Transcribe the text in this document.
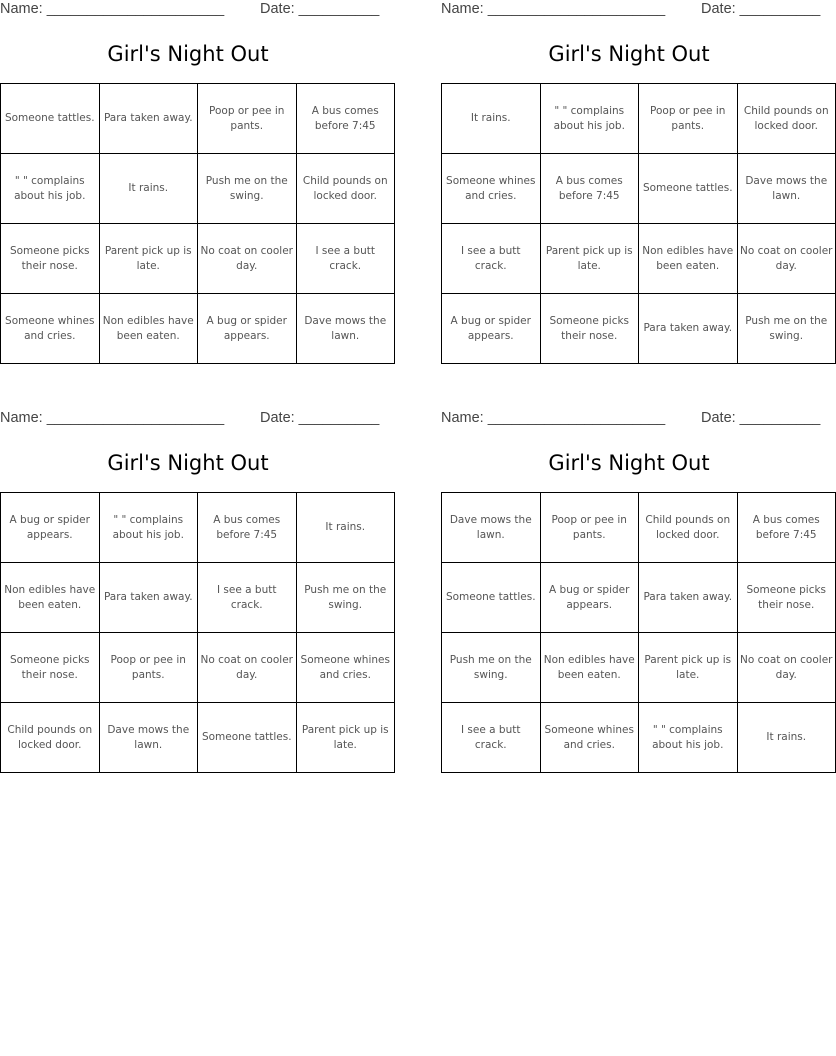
Name: ______________________ Date: __________
Girl's Night Out
Someone tattles.	Para taken away.	Poop or pee in pants.	A bus comes before 7:45
" " complains about his job.	It rains.	Push me on the swing.	Child pounds on locked door.
Someone picks their nose.	Parent pick up is late.	No coat on cooler day.	I see a butt crack.
Someone whines and cries.	Non edibles have been eaten.	A bug or spider appears.	Dave mows the lawn.
Name: ______________________ Date: __________
Girl's Night Out
It rains.	" " complains about his job.	Poop or pee in pants.	Child pounds on locked door.
Someone whines and cries.	A bus comes before 7:45	Someone tattles.	Dave mows the lawn.
I see a butt crack.	Parent pick up is late.	Non edibles have been eaten.	No coat on cooler day.
A bug or spider appears.	Someone picks their nose.	Para taken away.	Push me on the swing.
Name: ______________________ Date: __________
Girl's Night Out
A bug or spider appears.	" " complains about his job.	A bus comes before 7:45	It rains.
Non edibles have been eaten.	Para taken away.	I see a butt crack.	Push me on the swing.
Someone picks their nose.	Poop or pee in pants.	No coat on cooler day.	Someone whines and cries.
Child pounds on locked door.	Dave mows the lawn.	Someone tattles.	Parent pick up is late.
Name: ______________________ Date: __________
Girl's Night Out
Dave mows the lawn.	Poop or pee in pants.	Child pounds on locked door.	A bus comes before 7:45
Someone tattles.	A bug or spider appears.	Para taken away.	Someone picks their nose.
Push me on the swing.	Non edibles have been eaten.	Parent pick up is late.	No coat on cooler day.
I see a butt crack.	Someone whines and cries.	" " complains about his job.	It rains.
